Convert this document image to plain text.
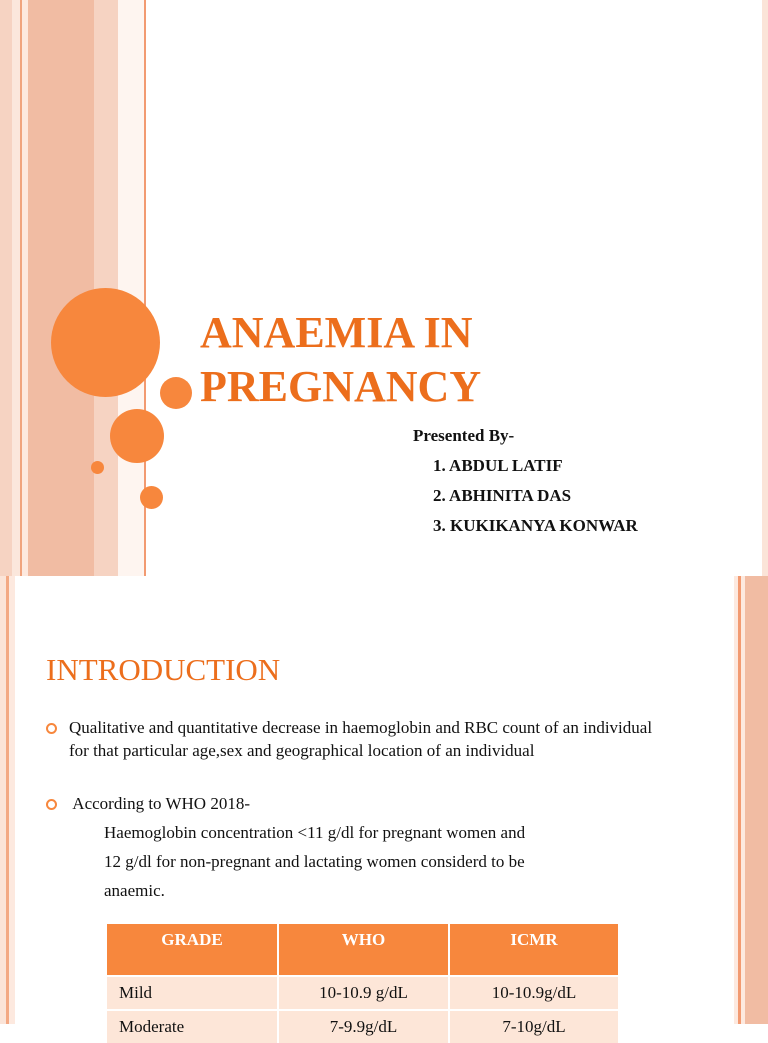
ANAEMIA IN
PREGNANCY
Presented By-
1. ABDUL LATIF
2. ABHINITA DAS
3. KUKIKANYA KONWAR
INTRODUCTION
Qualitative and quantitative decrease in haemoglobin and RBC count of an individual for that particular age,sex and geographical location of an individual
According to WHO 2018-
Haemoglobin concentration <11 g/dl for pregnant women and
12 g/dl for non-pregnant and lactating women considerd to be
anaemic.
GRADE	WHO	ICMR
Mild	10-10.9 g/dL	10-10.9g/dL
Moderate	7-9.9g/dL	7-10g/dL
